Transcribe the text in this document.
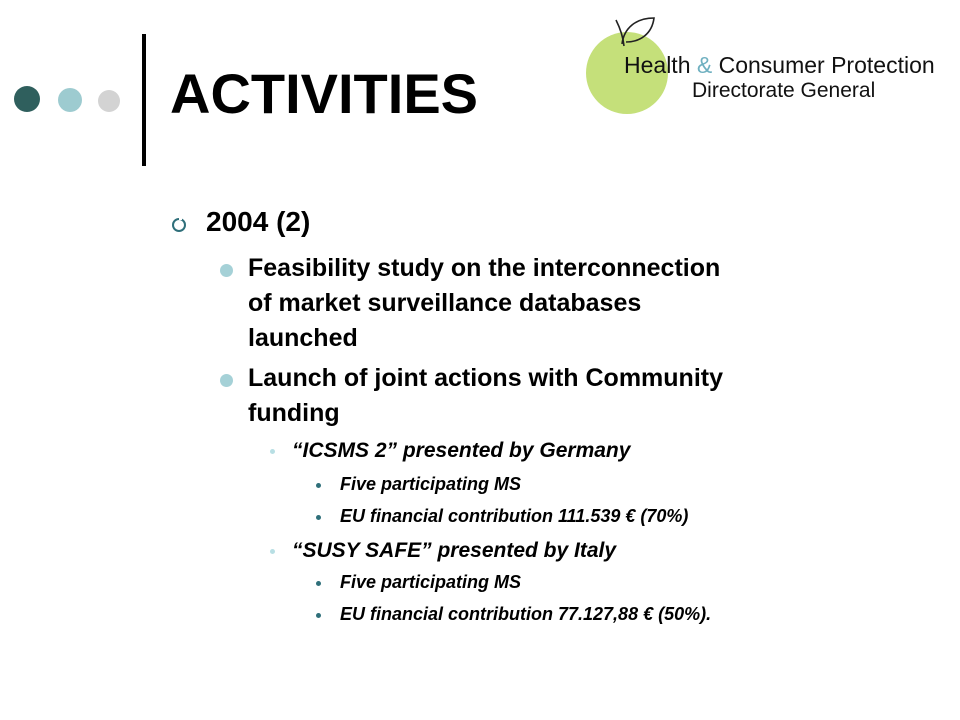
ACTIVITIES	Health & Consumer Protection
Directorate General
2004 (2)
Feasibility study on the interconnection
of market surveillance databases
launched
Launch of joint actions with Community
funding
“ICSMS 2” presented by Germany
Five participating MS
EU financial contribution 111.539 € (70%)
“SUSY SAFE” presented by Italy
Five participating MS
EU financial contribution 77.127,88 € (50%).
